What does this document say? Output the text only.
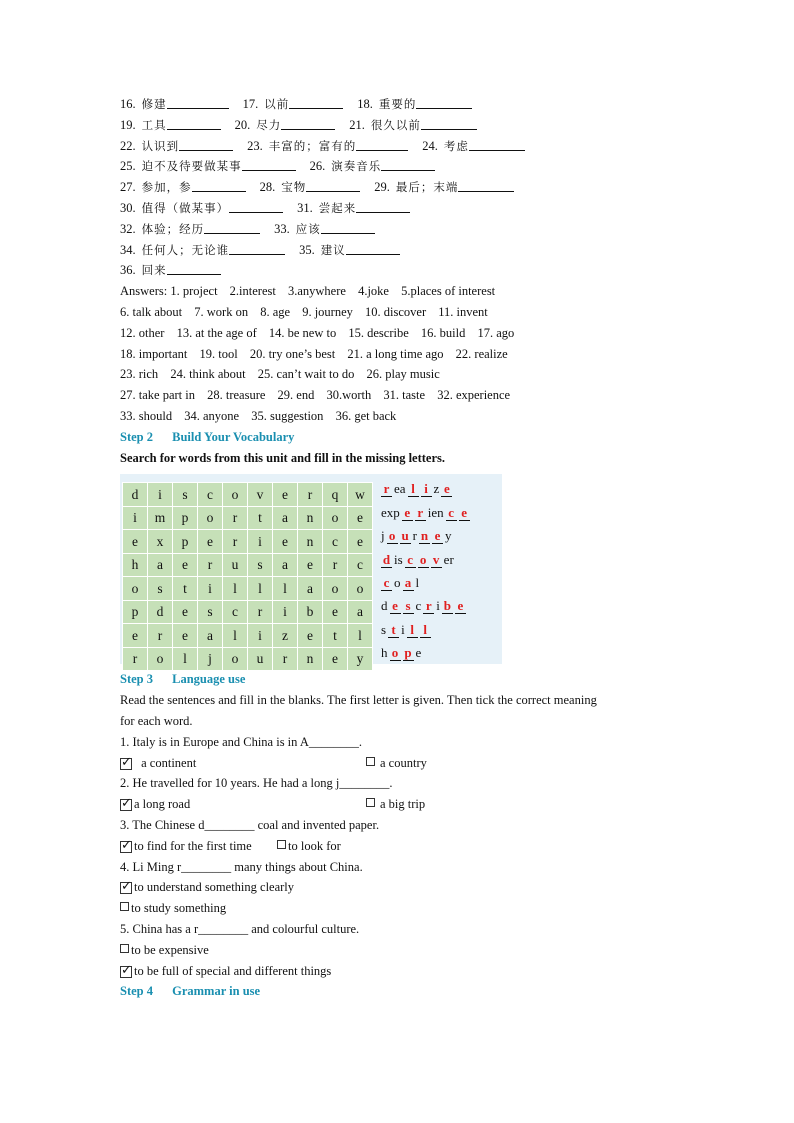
16. 修建	17. 以前	18. 重要的
19. 工具	20. 尽力	21. 很久以前
22. 认识到	23. 丰富的；富有的	24. 考虑
25. 迫不及待要做某事	26. 演奏音乐
27. 参加，参	28. 宝物	29. 最后；末端
30. 值得（做某事）	31. 尝起来
32. 体验；经历	33. 应该
34. 任何人；无论谁	35. 建议
36. 回来
Answers: 1. project 2.interest 3.anywhere 4.joke 5.places of interest
6. talk about 7. work on 8. age 9. journey 10. discover 11. invent
12. other 13. at the age of 14. be new to 15. describe 16. build 17. ago
18. important 19. tool 20. try one’s best 21. a long time ago 22. realize
23. rich 24. think about 25. can’t wait to do 26. play music
27. take part in 28. treasure 29. end 30.worth 31. taste 32. experience
33. should 34. anyone 35. suggestion 36. get back
Step 2 Build Your Vocabulary
Search for words from this unit and fill in the missing letters.
d	i	s	c	o	v	e	r	q	w
i	m	p	o	r	t	a	n	o	e
e	x	p	e	r	i	e	n	c	e
h	a	e	r	u	s	a	e	r	c
o	s	t	i	l	l	l	a	o	o
p	d	e	s	c	r	i	b	e	a
e	r	e	a	l	i	z	e	t	l
r	o	l	j	o	u	r	n	e	y
r ea l i z e
exp e r ien c e
j o u r n e y
d is c o v er
c o a l
d e s c r i b e
s t i l l
h o p e
Step 3 Language use
Read the sentences and fill in the blanks. The first letter is given. Then tick the correct meaning
for each word.
1. Italy is in Europe and China is in A________.
✓ a continent	a country
2. He travelled for 10 years. He had a long j________.
✓ a long road	a big trip
3. The Chinese d________ coal and invented paper.
✓ to find for the first time	to look for
4. Li Ming r________ many things about China.
✓ to understand something clearly
to study something
5. China has a r________ and colourful culture.
to be expensive
✓ to be full of special and different things
Step 4 Grammar in use
